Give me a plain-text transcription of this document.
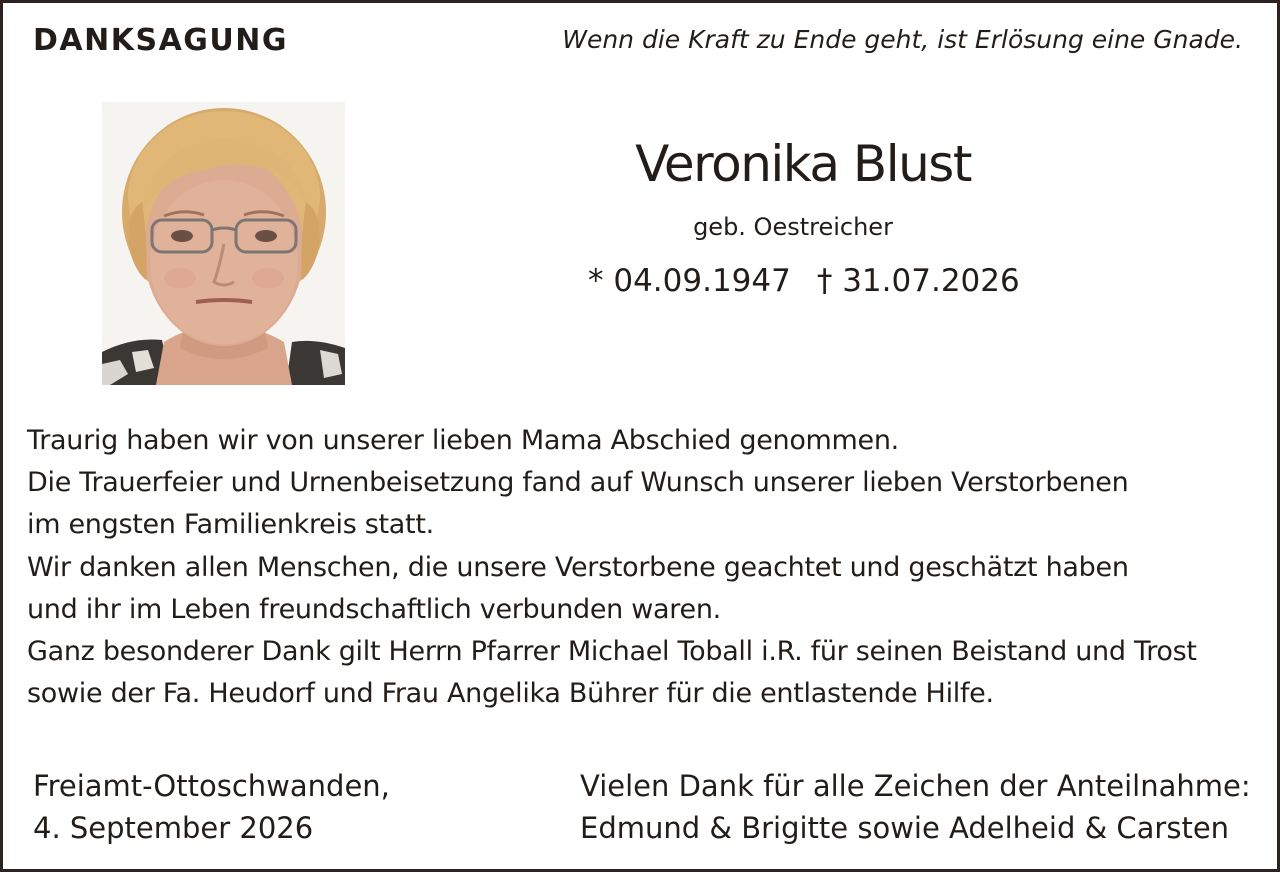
DANKSAGUNG	Wenn die Kraft zu Ende geht, ist Erlösung eine Gnade.
Veronika Blust
geb. Oestreicher
* 04.09.1947 † 31.07.2026
Traurig haben wir von unserer lieben Mama Abschied genommen.
Die Trauerfeier und Urnenbeisetzung fand auf Wunsch unserer lieben Verstorbenen
im engsten Familienkreis statt.
Wir danken allen Menschen, die unsere Verstorbene geachtet und geschätzt haben
und ihr im Leben freundschaftlich verbunden waren.
Ganz besonderer Dank gilt Herrn Pfarrer Michael Toball i.R. für seinen Beistand und Trost
sowie der Fa. Heudorf und Frau Angelika Bührer für die entlastende Hilfe.
Freiamt-Ottoschwanden,
4. September 2026
Vielen Dank für alle Zeichen der Anteilnahme:
Edmund & Brigitte sowie Adelheid & Carsten
